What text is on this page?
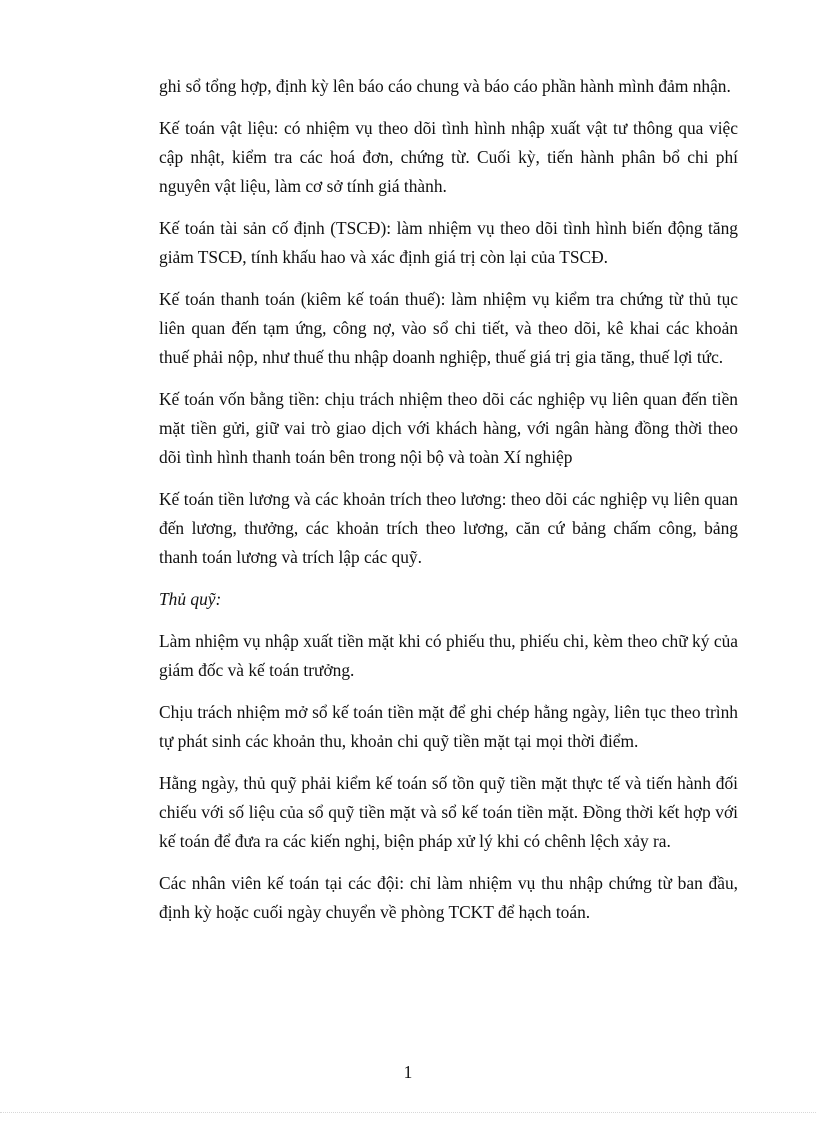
ghi sổ tổng hợp, định kỳ lên báo cáo chung và báo cáo phần hành mình đảm nhận.

Kế toán vật liệu: có nhiệm vụ theo dõi tình hình nhập xuất vật tư thông qua việc cập nhật, kiểm tra các hoá đơn, chứng từ. Cuối kỳ, tiến hành phân bổ chi phí nguyên vật liệu, làm cơ sở tính giá thành.

Kế toán tài sản cố định (TSCĐ): làm nhiệm vụ theo dõi tình hình biến động tăng giảm TSCĐ, tính khấu hao và xác định giá trị còn lại của TSCĐ.

Kế toán thanh toán (kiêm kế toán thuế): làm nhiệm vụ kiểm tra chứng từ thủ tục liên quan đến tạm ứng, công nợ, vào sổ chi tiết, và theo dõi, kê khai các khoản thuế phải nộp, như thuế thu nhập doanh nghiệp, thuế giá trị gia tăng, thuế lợi tức.

Kế toán vốn bằng tiền: chịu trách nhiệm theo dõi các nghiệp vụ liên quan đến tiền mặt tiền gửi, giữ vai trò giao dịch với khách hàng, với ngân hàng đồng thời theo dõi tình hình thanh toán bên trong nội bộ và toàn Xí nghiệp

Kế toán tiền lương và các khoản trích theo lương: theo dõi các nghiệp vụ liên quan đến lương, thưởng, các khoản trích theo lương, căn cứ bảng chấm công, bảng thanh toán lương và trích lập các quỹ.

Thủ quỹ:

Làm nhiệm vụ nhập xuất tiền mặt khi có phiếu thu, phiếu chi, kèm theo chữ ký của giám đốc và kế toán trưởng.

Chịu trách nhiệm mở sổ kế toán tiền mặt để ghi chép hằng ngày, liên tục theo trình tự phát sinh các khoản thu, khoản chi quỹ tiền mặt tại mọi thời điểm.

Hằng ngày, thủ quỹ phải kiểm kế toán số tồn quỹ tiền mặt thực tế và tiến hành đối chiếu với số liệu của sổ quỹ tiền mặt và sổ kế toán tiền mặt. Đồng thời kết hợp với kế toán để đưa ra các kiến nghị, biện pháp xử lý khi có chênh lệch xảy ra.

Các nhân viên kế toán tại các đội: chỉ làm nhiệm vụ thu nhập chứng từ ban đầu, định kỳ hoặc cuối ngày chuyển về phòng TCKT để hạch toán.

1
